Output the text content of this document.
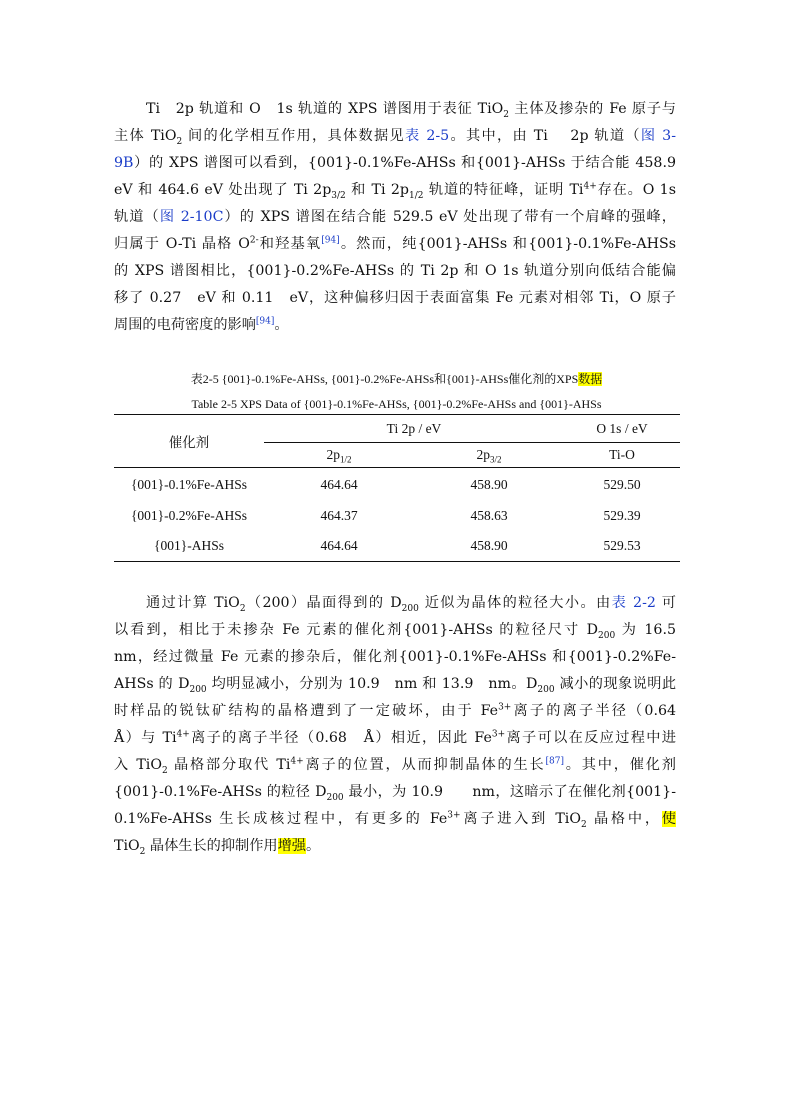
Ti　2p 轨道和 O　1s 轨道的 XPS 谱图用于表征 TiO$_2$ 主体及掺杂的 Fe 原子与
主体 TiO$_2$ 间的化学相互作用，具体数据见表 2-5。其中，由 Ti　 2p 轨道（图 3-
9B）的 XPS 谱图可以看到，{001}-0.1%Fe-AHSs 和{001}-AHSs 于结合能 458.9
eV 和 464.6 eV 处出现了 Ti $2p_{3/2}$ 和 Ti $2p_{1/2}$ 轨道的特征峰，证明 $Ti^{4+}$存在。O 1s
轨道（图 2-10C）的 XPS 谱图在结合能 529.5 eV 处出现了带有一个肩峰的强峰，
归属于 O-Ti 晶格 $O^{2-}$和羟基氧[94]。然而，纯{001}-AHSs 和{001}-0.1%Fe-AHSs
的 XPS 谱图相比，{001}-0.2%Fe-AHSs 的 Ti 2p 和 O 1s 轨道分别向低结合能偏
移了 0.27　eV 和 0.11　eV，这种偏移归因于表面富集 Fe 元素对相邻 Ti，O 原子
周围的电荷密度的影响[94]。
表2-5 {001}-0.1%Fe-AHSs, {001}-0.2%Fe-AHSs和{001}-AHSs催化剂的XPS数据
Table 2-5 XPS Data of {001}-0.1%Fe-AHSs, {001}-0.2%Fe-AHSs and {001}-AHSs
催化剂	Ti 2p / eV		O 1s / eV
	$2p_{1/2}$	$2p_{3/2}$	Ti-O
{001}-0.1%Fe-AHSs	464.64	458.90	529.50
{001}-0.2%Fe-AHSs	464.37	458.63	529.39
{001}-AHSs	464.64	458.90	529.53
通过计算 TiO$_2$（200）晶面得到的 $D_{200}$ 近似为晶体的粒径大小。由表 2-2 可
以看到，相比于未掺杂 Fe 元素的催化剂{001}-AHSs 的粒径尺寸 $D_{200}$ 为 16.5
nm，经过微量 Fe 元素的掺杂后，催化剂{001}-0.1%Fe-AHSs 和{001}-0.2%Fe-
AHSs 的 $D_{200}$ 均明显减小，分别为 10.9　nm 和 13.9　nm。$D_{200}$ 减小的现象说明此
时样品的锐钛矿结构的晶格遭到了一定破坏，由于 $Fe^{3+}$离子的离子半径（0.64
Å）与 $Ti^{4+}$离子的离子半径（0.68　Å）相近，因此 $Fe^{3+}$离子可以在反应过程中进
入 TiO$_2$ 晶格部分取代 $Ti^{4+}$离子的位置，从而抑制晶体的生长[87]。其中，催化剂
{001}-0.1%Fe-AHSs 的粒径 $D_{200}$ 最小，为 10.9　　nm，这暗示了在催化剂{001}-
0.1%Fe-AHSs 生长成核过程中，有更多的 $Fe^{3+}$离子进入到 TiO$_2$ 晶格中，使
TiO$_2$ 晶体生长的抑制作用增强。
